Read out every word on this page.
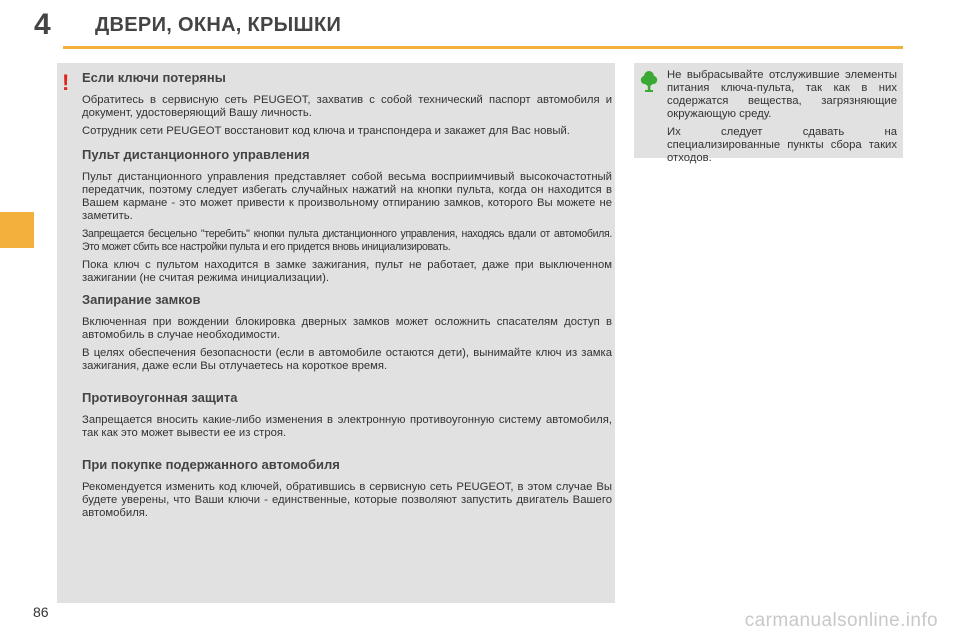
4 ДВЕРИ, ОКНА, КРЫШКИ
! Если ключи потеряны

Обратитесь в сервисную сеть PEUGEOT, захватив с собой технический паспорт автомобиля и документ, удостоверяющий Вашу личность.

Сотрудник сети PEUGEOT восстановит код ключа и транспондера и закажет для Вас новый.

Пульт дистанционного управления

Пульт дистанционного управления представляет собой весьма восприимчивый высокочастотный передатчик, поэтому следует избегать случайных нажатий на кнопки пульта, когда он находится в Вашем кармане - это может привести к произвольному отпиранию замков, которого Вы можете не заметить.

Запрещается бесцельно "теребить" кнопки пульта дистанционного управления, находясь вдали от автомобиля. Это может сбить все настройки пульта и его придется вновь инициализировать.

Пока ключ с пультом находится в замке зажигания, пульт не работает, даже при выключенном зажигании (не считая режима инициализации).

Запирание замков

Включенная при вождении блокировка дверных замков может осложнить спасателям доступ в автомобиль в случае необходимости.

В целях обеспечения безопасности (если в автомобиле остаются дети), вынимайте ключ из замка зажигания, даже если Вы отлучаетесь на короткое время.

Противоугонная защита

Запрещается вносить какие-либо изменения в электронную противоугонную систему автомобиля, так как это может вывести ее из строя.

При покупке подержанного автомобиля

Рекомендуется изменить код ключей, обратившись в сервисную сеть PEUGEOT, в этом случае Вы будете уверены, что Ваши ключи - единственные, которые позволяют запустить двигатель Вашего автомобиля.

Не выбрасывайте отслужившие элементы питания ключа-пульта, так как в них содержатся вещества, загрязняющие окружающую среду.

Их следует сдавать на специализированные пункты сбора таких отходов.

86	carmanualsonline.info
